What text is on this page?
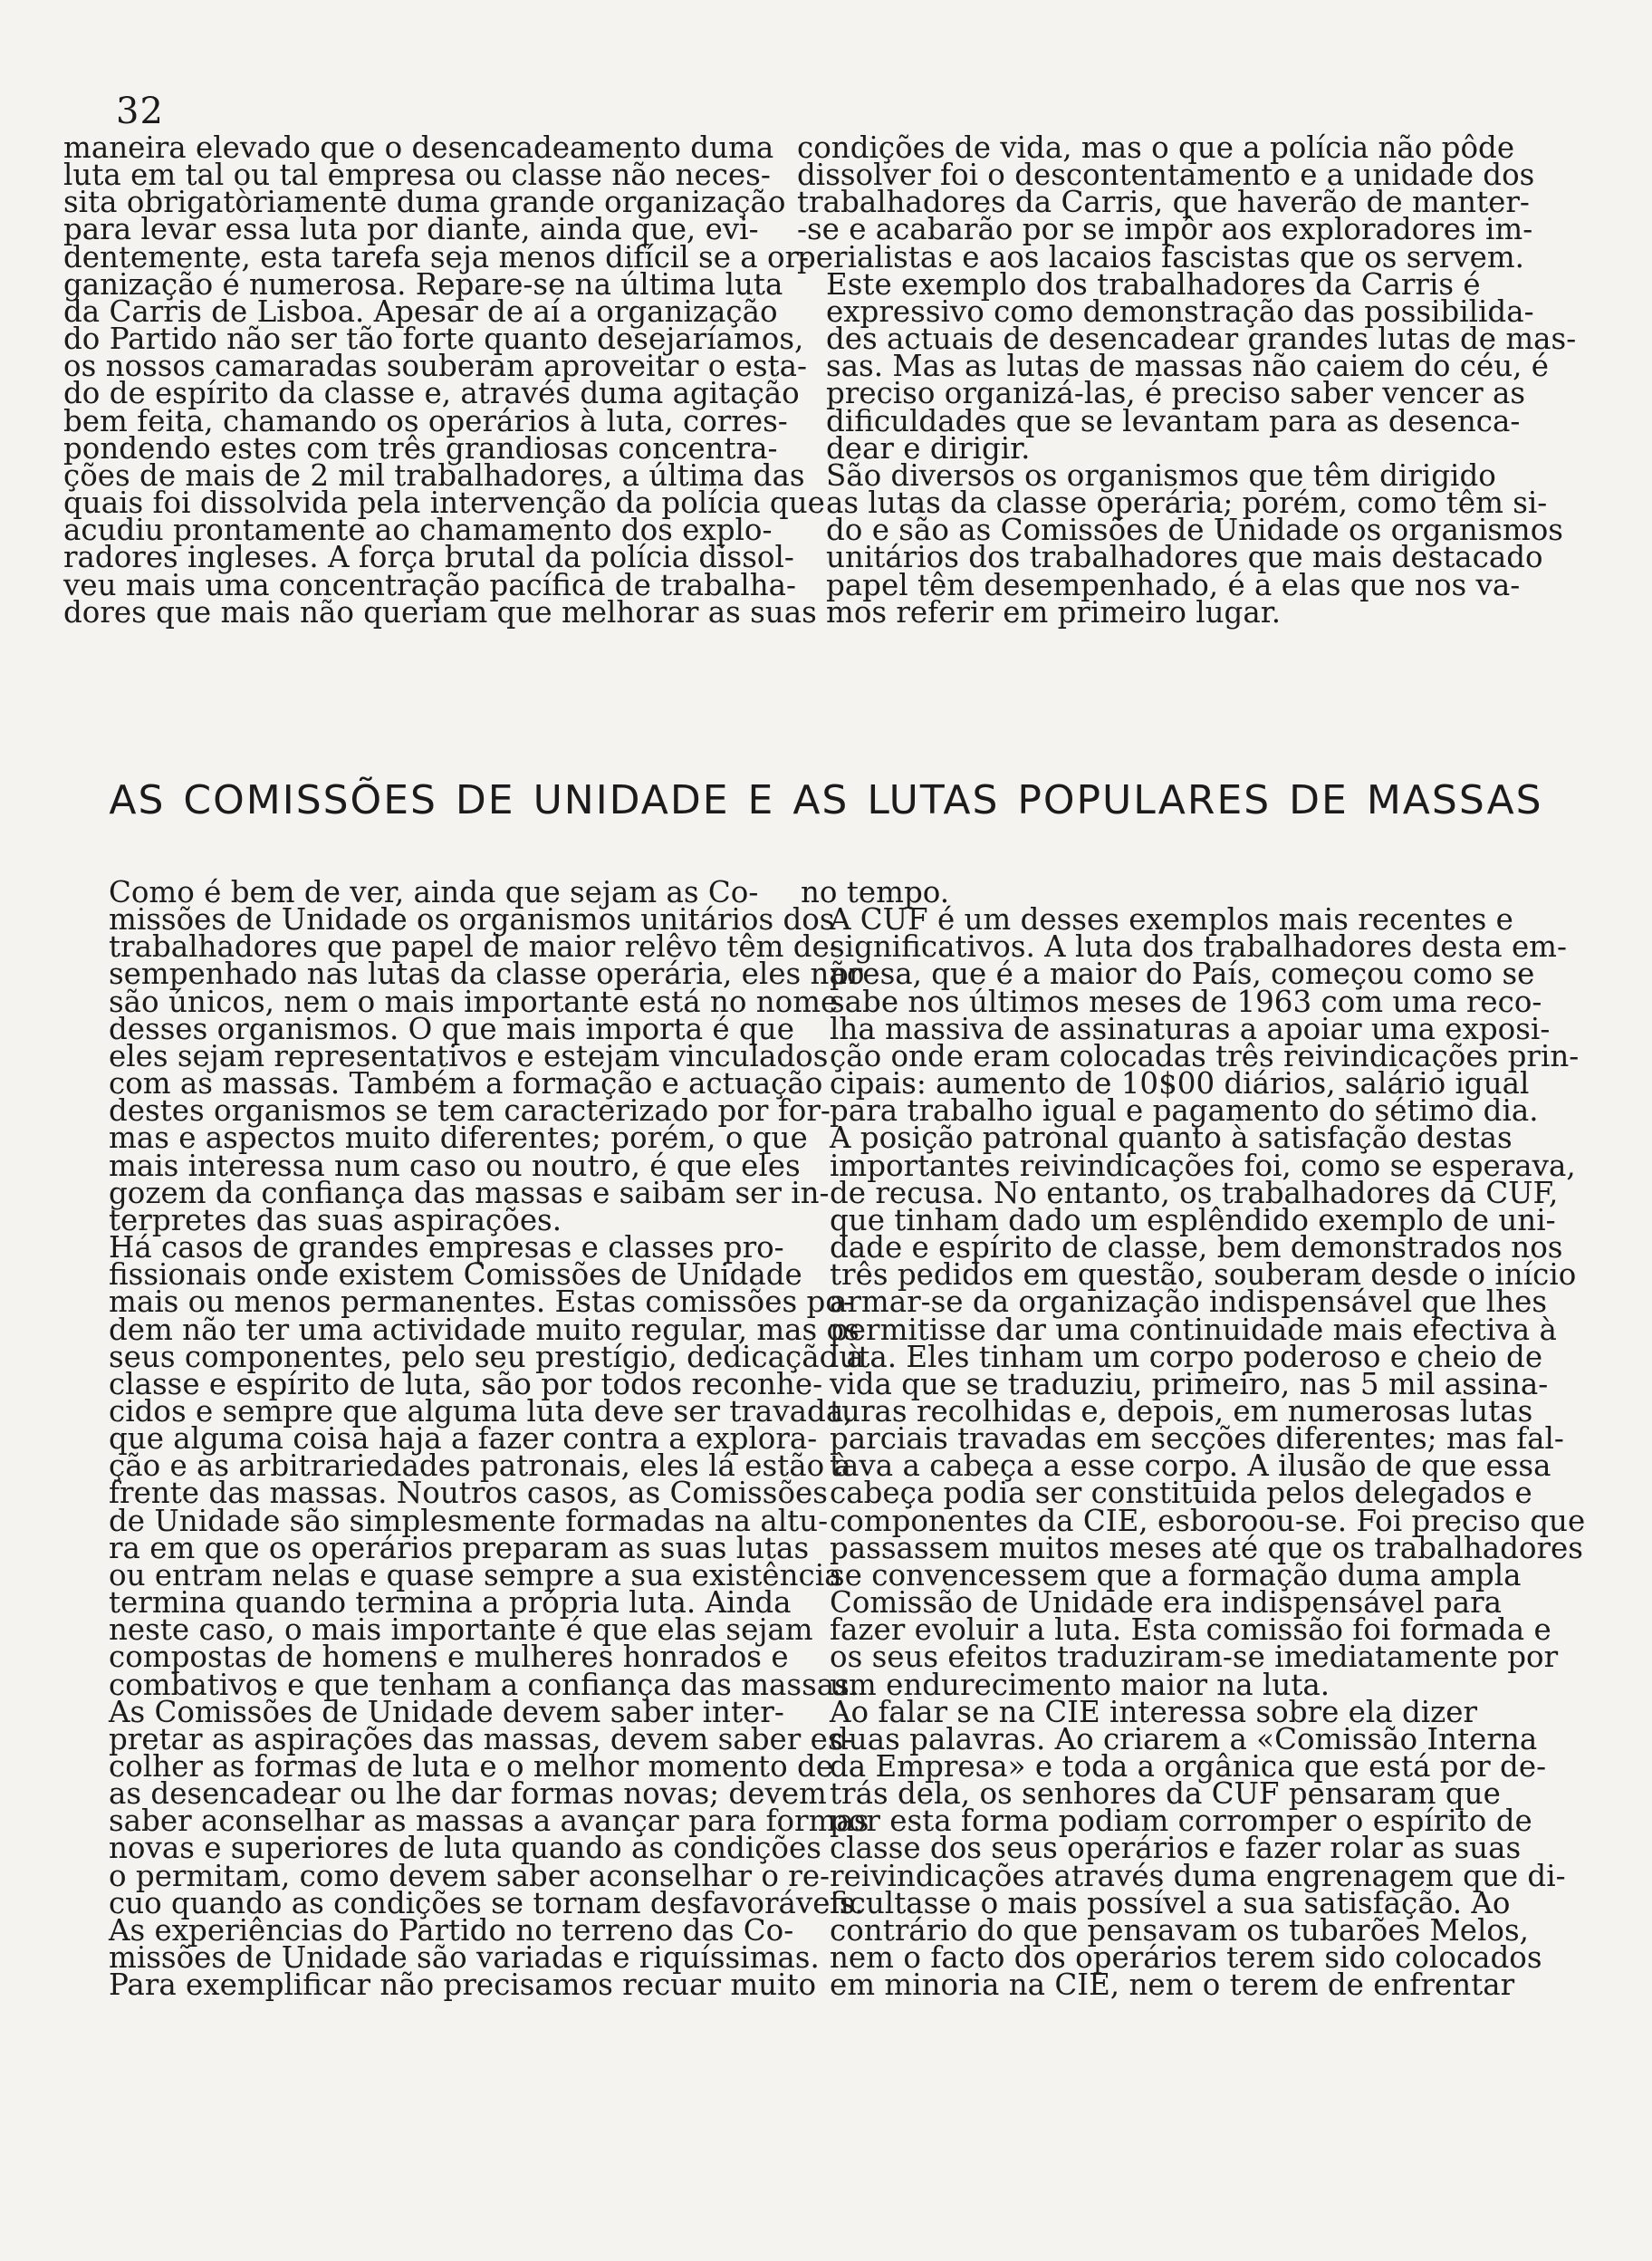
32

maneira elevado que o desencadeamento duma
luta em tal ou tal empresa ou classe não neces-
sita obrigatòriamente duma grande organização
para levar essa luta por diante, ainda que, evi-
dentemente, esta tarefa seja menos difícil se a or-
ganização é numerosa. Repare-se na última luta
da Carris de Lisboa. Apesar de aí a organização
do Partido não ser tão forte quanto desejaríamos,
os nossos camaradas souberam aproveitar o esta-
do de espírito da classe e, através duma agitação
bem feita, chamando os operários à luta, corres-
pondendo estes com três grandiosas concentra-
ções de mais de 2 mil trabalhadores, a última das
quais foi dissolvida pela intervenção da polícia que
acudiu prontamente ao chamamento dos explo-
radores ingleses. A força brutal da polícia dissol-
veu mais uma concentração pacífica de trabalha-
dores que mais não queriam que melhorar as suas

condições de vida, mas o que a polícia não pôde
dissolver foi o descontentamento e a unidade dos
trabalhadores da Carris, que haverão de manter-
-se e acabarão por se impôr aos exploradores im-
perialistas e aos lacaios fascistas que os servem.

Este exemplo dos trabalhadores da Carris é
expressivo como demonstração das possibilida-
des actuais de desencadear grandes lutas de mas-
sas. Mas as lutas de massas não caiem do céu, é
preciso organizá-las, é preciso saber vencer as
dificuldades que se levantam para as desenca-
dear e dirigir.

São diversos os organismos que têm dirigido
as lutas da classe operária; porém, como têm si-
do e são as Comissões de Unidade os organismos
unitários dos trabalhadores que mais destacado
papel têm desempenhado, é a elas que nos va-
mos referir em primeiro lugar.

AS COMISSÕES DE UNIDADE E AS LUTAS POPULARES DE MASSAS

Como é bem de ver, ainda que sejam as Co-
missões de Unidade os organismos unitários dos
trabalhadores que papel de maior relêvo têm de-
sempenhado nas lutas da classe operária, eles não
são únicos, nem o mais importante está no nome
desses organismos. O que mais importa é que
eles sejam representativos e estejam vinculados
com as massas. Também a formação e actuação
destes organismos se tem caracterizado por for-
mas e aspectos muito diferentes; porém, o que
mais interessa num caso ou noutro, é que eles
gozem da confiança das massas e saibam ser in-
terpretes das suas aspirações.

Há casos de grandes empresas e classes pro-
fissionais onde existem Comissões de Unidade
mais ou menos permanentes. Estas comissões po-
dem não ter uma actividade muito regular, mas os
seus componentes, pelo seu prestígio, dedicação à
classe e espírito de luta, são por todos reconhe-
cidos e sempre que alguma luta deve ser travada,
que alguma coisa haja a fazer contra a explora-
ção e as arbitrariedades patronais, eles lá estão à
frente das massas. Noutros casos, as Comissões
de Unidade são simplesmente formadas na altu-
ra em que os operários preparam as suas lutas
ou entram nelas e quase sempre a sua existência
termina quando termina a própria luta. Ainda
neste caso, o mais importante é que elas sejam
compostas de homens e mulheres honrados e
combativos e que tenham a confiança das massas.

As Comissões de Unidade devem saber inter-
pretar as aspirações das massas, devem saber es-
colher as formas de luta e o melhor momento de
as desencadear ou lhe dar formas novas; devem
saber aconselhar as massas a avançar para formas
novas e superiores de luta quando as condições
o permitam, como devem saber aconselhar o re-
cuo quando as condições se tornam desfavoráveis.

As experiências do Partido no terreno das Co-
missões de Unidade são variadas e riquíssimas.
Para exemplificar não precisamos recuar muito

no tempo.

A CUF é um desses exemplos mais recentes e
significativos. A luta dos trabalhadores desta em-
presa, que é a maior do País, começou como se
sabe nos últimos meses de 1963 com uma reco-
lha massiva de assinaturas a apoiar uma exposi-
ção onde eram colocadas três reivindicações prin-
cipais: aumento de 10$00 diários, salário igual
para trabalho igual e pagamento do sétimo dia.

A posição patronal quanto à satisfação destas
importantes reivindicações foi, como se esperava,
de recusa. No entanto, os trabalhadores da CUF,
que tinham dado um esplêndido exemplo de uni-
dade e espírito de classe, bem demonstrados nos
três pedidos em questão, souberam desde o início
armar-se da organização indispensável que lhes
permitisse dar uma continuidade mais efectiva à
luta. Eles tinham um corpo poderoso e cheio de
vida que se traduziu, primeiro, nas 5 mil assina-
turas recolhidas e, depois, em numerosas lutas
parciais travadas em secções diferentes; mas fal-
tava a cabeça a esse corpo. A ilusão de que essa
cabeça podia ser constituida pelos delegados e
componentes da CIE, esboroou-se. Foi preciso que
passassem muitos meses até que os trabalhadores
se convencessem que a formação duma ampla
Comissão de Unidade era indispensável para
fazer evoluir a luta. Esta comissão foi formada e
os seus efeitos traduziram-se imediatamente por
um endurecimento maior na luta.

Ao falar se na CIE interessa sobre ela dizer
duas palavras. Ao criarem a «Comissão Interna
da Empresa» e toda a orgânica que está por de-
trás dela, os senhores da CUF pensaram que
por esta forma podiam corromper o espírito de
classe dos seus operários e fazer rolar as suas
reivindicações através duma engrenagem que di-
ficultasse o mais possível a sua satisfação. Ao
contrário do que pensavam os tubarões Melos,
nem o facto dos operários terem sido colocados
em minoria na CIE, nem o terem de enfrentar
